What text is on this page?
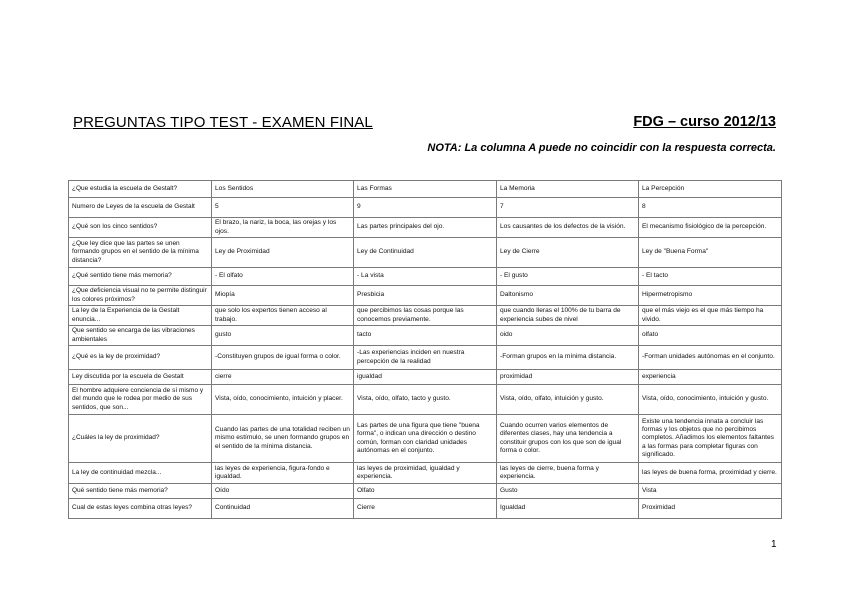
PREGUNTAS TIPO TEST - EXAMEN FINAL	FDG – curso 2012/13
NOTA: La columna A puede no coincidir con la respuesta correcta.
¿Que estudia la escuela de Gestalt?	Los Sentidos	Las Formas	La Memoria	La Percepción
Numero de Leyes de la escuela de Gestalt	5	9	7	8
¿Qué son los cinco sentidos?	El brazo, la nariz, la boca, las orejas y los ojos.	Las partes principales del ojo.	Los causantes de los defectos de la visión.	El mecanismo fisiológico de la percepción.
¿Que ley dice que las partes se unen formando grupos en el sentido de la mínima distancia?	Ley de Proximidad	Ley de Continuidad	Ley de Cierre	Ley de "Buena Forma"
¿Qué sentido tiene más memoria?	- El olfato	- La vista	- El gusto	- El tacto
¿Que deficiencia visual no te permite distinguir los colores próximos?	Miopía	Presbicia	Daltonismo	Hipermetropismo
La ley de la Experiencia de la Gestalt enuncia...	que solo los expertos tienen acceso al trabajo.	que percibimos las cosas porque las conocemos previamente.	que cuando lleras el 100% de tu barra de experiencia subes de nivel	que el más viejo es el que más tiempo ha vivido.
Que sentido se encarga de las vibraciones ambientales	gusto	tacto	oido	olfato
¿Qué es la ley de proximidad?	-Constituyen grupos de igual forma o color.	-Las experiencias inciden en nuestra percepción de la realidad	-Forman grupos en la mínima distancia.	-Forman unidades autónomas en el conjunto.
Ley discutida por la escuela de Gestalt	cierre	igualdad	proximidad	experiencia
El hombre adquiere conciencia de sí mismo y del mundo que le rodea por medio de sus sentidos, que son...	Vista, oído, conocimiento, intuición y placer.	Vista, oído, olfato, tacto y gusto.	Vista, oído, olfato, intuición y gusto.	Vista, oído, conocimiento, intuición y gusto.
¿Cuáles la ley de proximidad?	Cuando las partes de una totalidad reciben un mismo estímulo, se unen formando grupos en el sentido de la mínima distancia.	Las partes de una figura que tiene "buena forma", o indican una dirección o destino común, forman con claridad unidades autónomas en el conjunto.	Cuando ocurren varios elementos de diferentes clases, hay una tendencia a constituir grupos con los que son de igual forma o color.	Existe una tendencia innata a concluir las formas y los objetos que no percibimos completos. Añadimos los elementos faltantes a las formas para completar figuras con significado.
La ley de continuidad mezcla...	las leyes de experiencia, figura-fondo e igualdad.	las leyes de proximidad, igualdad y experiencia.	las leyes de cierre, buena forma y experiencia.	las leyes de buena forma, proximidad y cierre.
Qué sentido tiene más memoria?	Oído	Olfato	Gusto	Vista
Cual de estas leyes combina otras leyes?	Continuidad	Cierre	Igualdad	Proximidad
1
